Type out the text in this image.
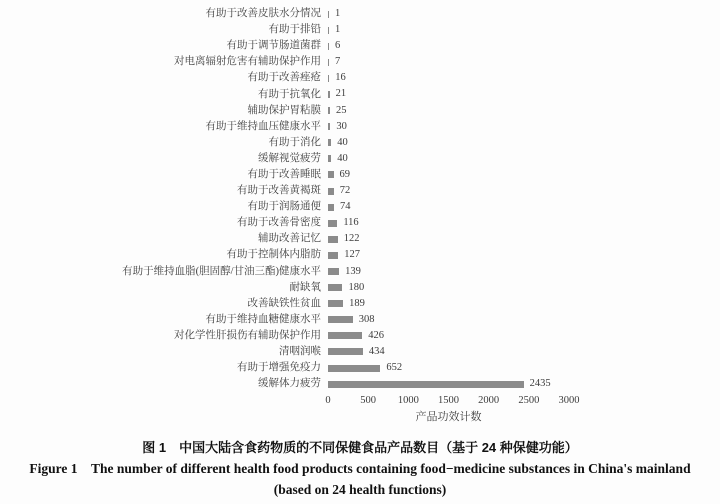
有助于改善皮肤水分情况	1
有助于排铅	1
有助于调节肠道菌群	6
对电离辐射危害有辅助保护作用	7
有助于改善痤疮	16
有助于抗氧化	21
辅助保护胃粘膜	25
有助于维持血压健康水平	30
有助于消化	40
缓解视觉疲劳	40
有助于改善睡眠	69
有助于改善黄褐斑	72
有助于润肠通便	74
有助于改善骨密度	116
辅助改善记忆	122
有助于控制体内脂肪	127
有助于维持血脂(胆固醇/甘油三酯)健康水平	139
耐缺氧	180
改善缺铁性贫血	189
有助于维持血糖健康水平	308
对化学性肝损伤有辅助保护作用	426
清咽润喉	434
有助于增强免疫力	652
缓解体力疲劳	2435
0	500 1000 1500 2000 2500 3000
产品功效计数
图 1　中国大陆含食药物质的不同保健食品产品数目（基于 24 种保健功能）
Figure 1　The number of different health food products containing food−medicine substances in China's mainland
(based on 24 health functions)
